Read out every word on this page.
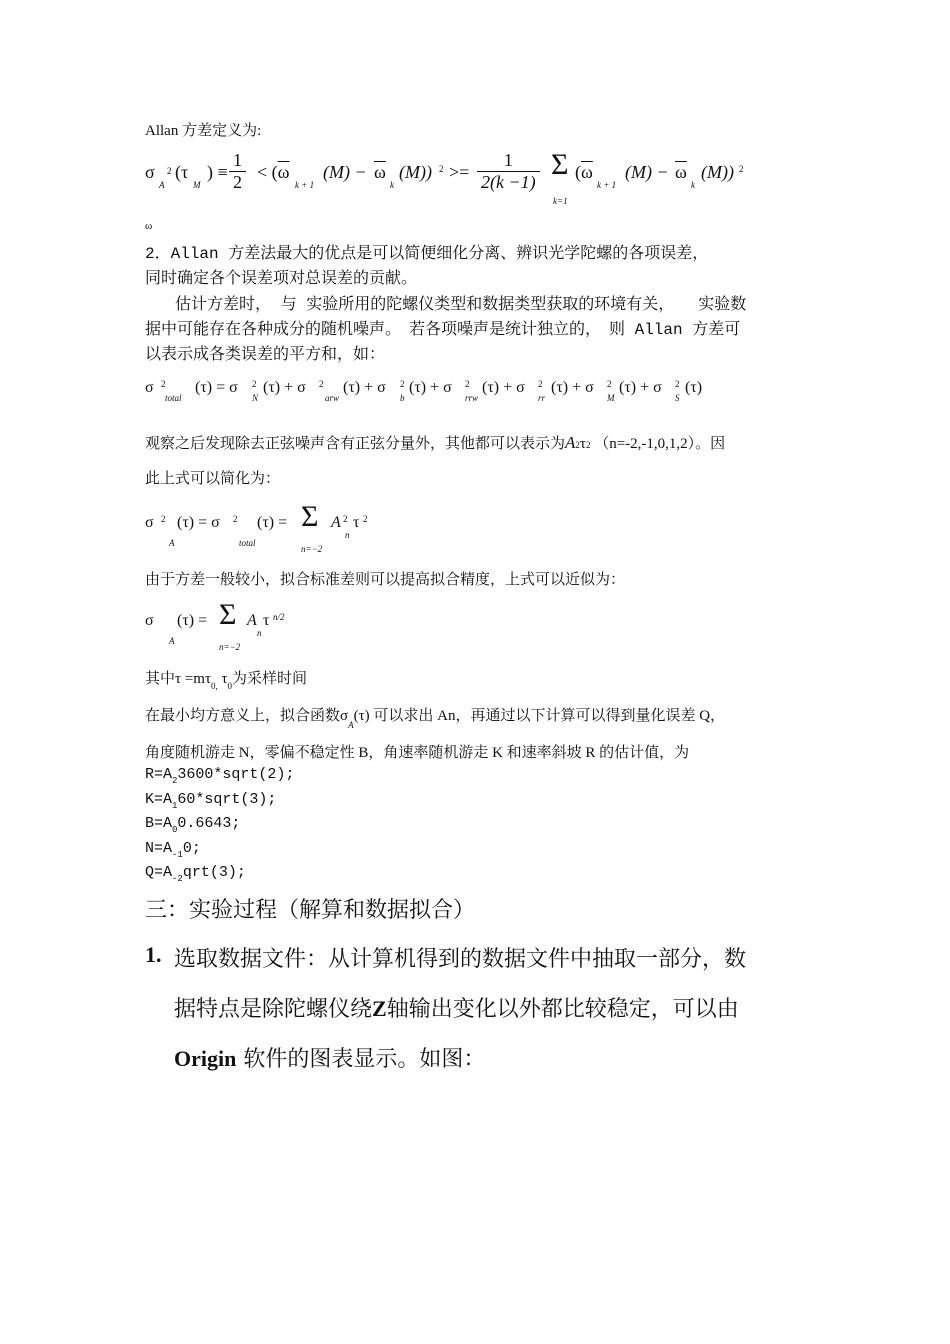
Allan 方差定义为:
σ
A
2 (τ
M
) ≡ $\frac{1}{2} < (\overline{\omega}$
k + 1
$(M) - \overline{\omega}$
k
(M)) $2 >= \frac{1}{2(k -1)}$ Σ
k=1
($\overline{\omega}$
k + 1
$(M) - \overline{\omega}$
k
(M)) 2
ω
2．Allan 方差法最大的优点是可以简便细化分离、辨识光学陀螺的各项误差，
同时确定各个误差项对总误差的贡献。
估计方差时， 与 实验所用的陀螺仪类型和数据类型获取的环境有关，　　实验数
据中可能存在各种成分的随机噪声。　若各项噪声是统计独立的，　则 Allan 方差可
以表示成各类误差的平方和，如：
σ 2
total
(τ) = σ 2
N
(τ) + σ 2
arw
(τ) + σ 2
b
(τ) + σ 2
rrw
(τ) + σ 2
rr
(τ) + σ 2
M
(τ) + σ 2
S
(τ)
观察之后发现除去正弦噪声含有正弦分量外，其他都可以表示为A2τ2 （n=-2,-1,0,1,2）。因
此上式可以简化为：
σ 2
A
(τ) = σ 2
total
(τ) = Σ
n=−2
A 2
n
τ 2
由于方差一般较小，拟合标准差则可以提高拟合精度，上式可以近似为：
σ
A
(τ) = Σ
n=−2
A
n
τ n/2
其中$\tau =m\tau_{0,}$ $\tau_0$为采样时间
在最小均方意义上，拟合函数$\sigma_A(\tau)$ 可以求出 An，再通过以下计算可以得到量化误差 Q，
角度随机游走 N，零偏不稳定性 B，角速率随机游走 K 和速率斜坡 R 的估计值，为
$R=A_23600*sqrt(2)$;
$K=A_160*sqrt(3)$;
$B=A_00.6643$;
$N=A_{-1}0$;
$Q=A_{-2}qrt(3)$;
三：实验过程（解算和数据拟合）
1. 选取数据文件：从计算机得到的数据文件中抽取一部分，数
据特点是除陀螺仪绕Z轴输出变化以外都比较稳定，可以由
Origin 软件的图表显示。如图：
